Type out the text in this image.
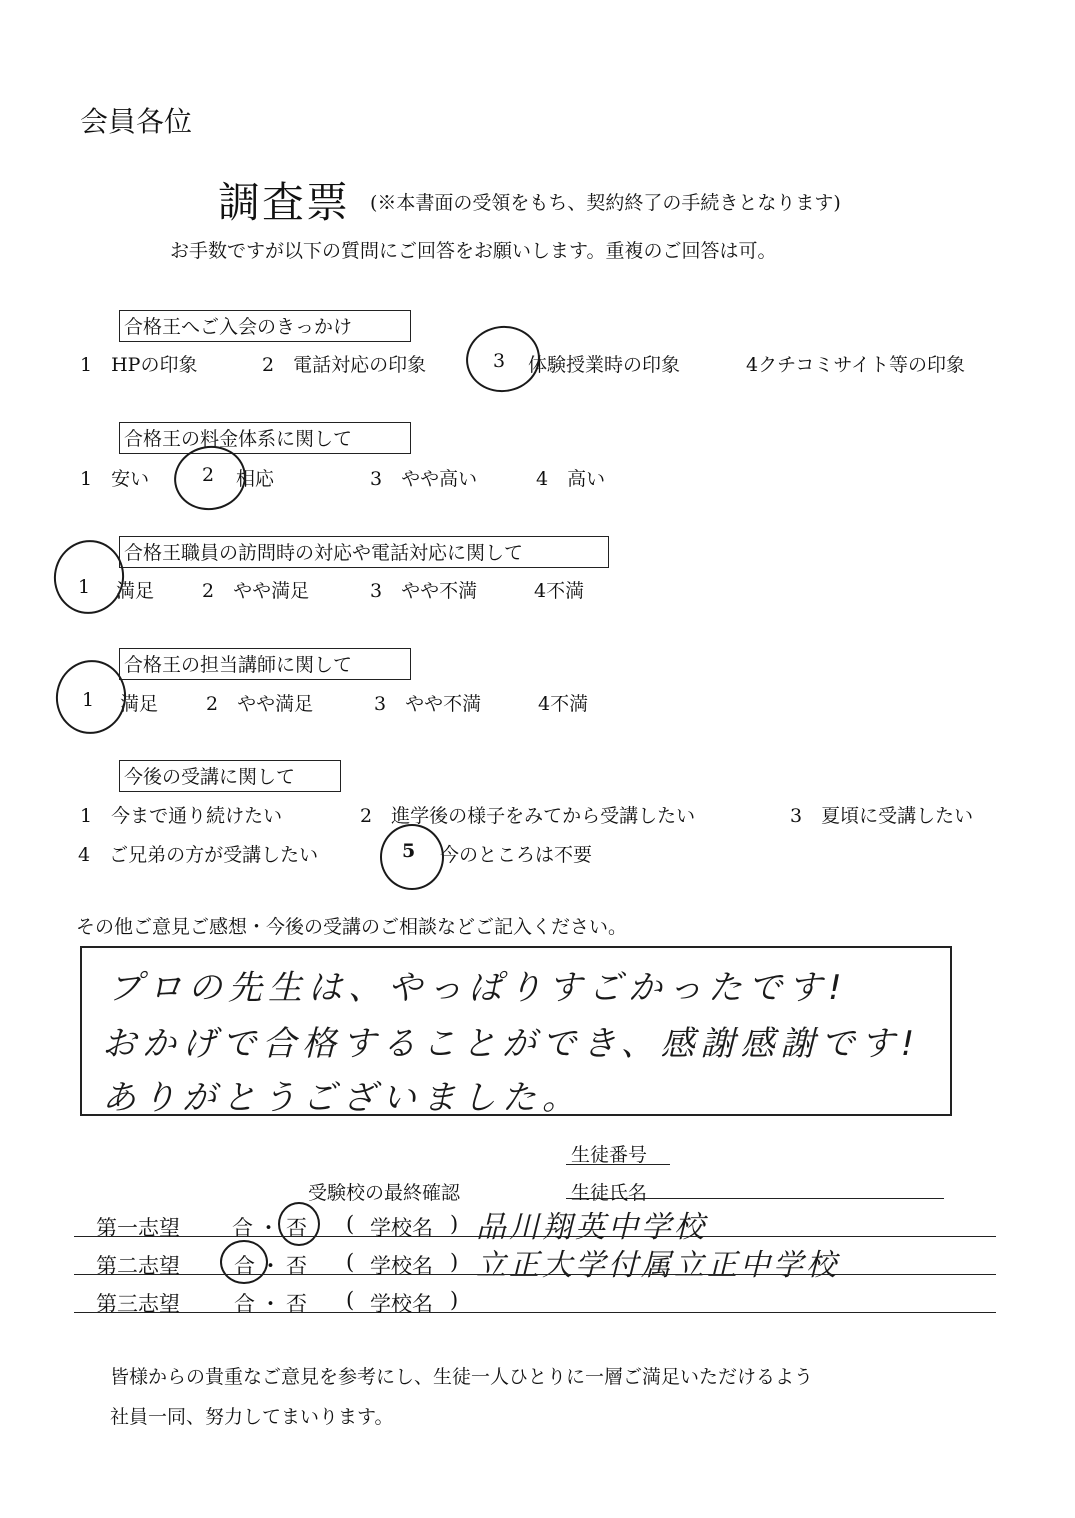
会員各位
調査票 (※本書面の受領をもち、契約終了の手続きとなります)
お手数ですが以下の質問にご回答をお願いします。重複のご回答は可。
合格王へご入会のきっかけ
1　HPの印象	2　電話対応の印象	3 体験授業時の印象	4クチコミサイト等の印象
合格王の料金体系に関して
1　安い	2 相応	3　やや高い	4　高い
合格王職員の訪問時の対応や電話対応に関して
1 満足	2　やや満足	3　やや不満	4不満
合格王の担当講師に関して
1 満足	2　やや満足	3　やや不満	4不満
今後の受講に関して
1　今まで通り続けたい	2　進学後の様子をみてから受講したい	3　夏頃に受講したい
4　ご兄弟の方が受講したい	5 今のところは不要
その他ご意見ご感想・今後の受講のご相談などご記入ください。
プロの先生は、やっぱりすごかったです!
おかげで合格することができ、感謝感謝です!
ありがとうございました。
生徒番号
受験校の最終確認	生徒氏名
第一志望 合 ・ 否 ( 学校名 ) 品川翔英中学校
第二志望	合 ・ 否 ( 学校名 ) 立正大学付属立正中学校
第三志望	合 ・ 否 ( 学校名 )
皆様からの貴重なご意見を参考にし、生徒一人ひとりに一層ご満足いただけるよう
社員一同、努力してまいります。
